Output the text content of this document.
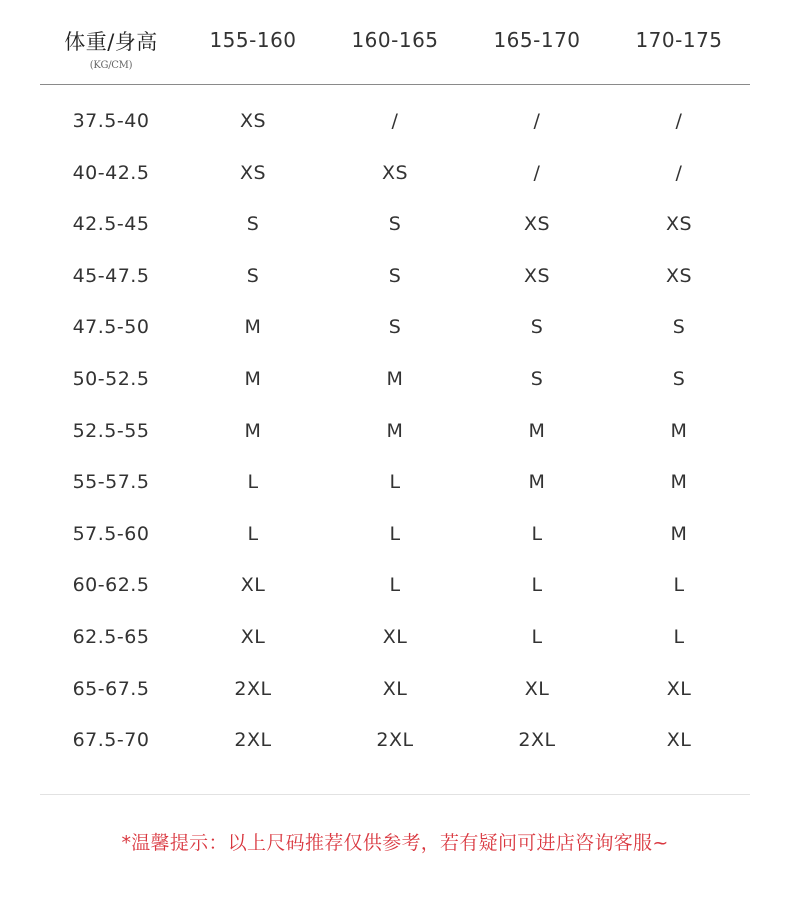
体重/身高
(KG/CM)
155-160	160-165	165-170	170-175
37.5-40	XS	/	/	/
40-42.5	XS	XS	/	/
42.5-45	S	S	XS	XS
45-47.5	S	S	XS	XS
47.5-50	M	S	S	S
50-52.5	M	M	S	S
52.5-55	M	M	M	M
55-57.5	L	L	M	M
57.5-60	L	L	L	M
60-62.5	XL	L	L	L
62.5-65	XL	XL	L	L
65-67.5	2XL	XL	XL	XL
67.5-70	2XL	2XL	2XL	XL
*温馨提示：以上尺码推荐仅供参考，若有疑问可进店咨询客服~
